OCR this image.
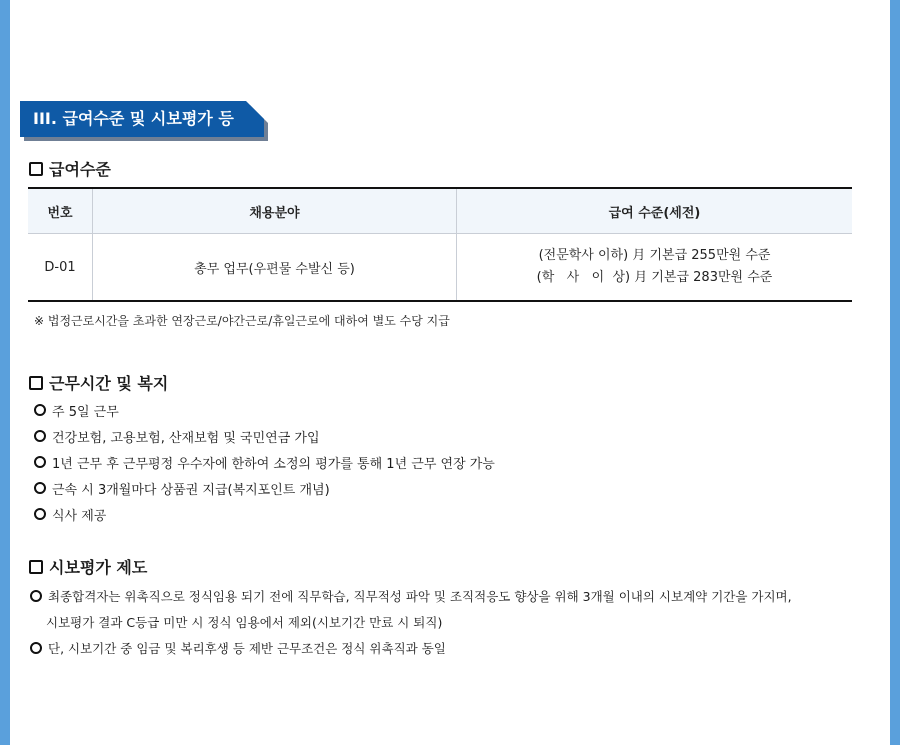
III. 급여수준 및 시보평가 등
급여수준
번호	채용분야	급여 수준(세전)
D-01	총무 업무(우편물 수발신 등)	(전문학사 이하) 月 기본급 255만원 수준
(학   사   이  상) 月 기본급 283만원 수준
※ 법정근로시간을 초과한 연장근로/야간근로/휴일근로에 대하여 별도 수당 지급
근무시간 및 복지
주 5일 근무
건강보험, 고용보험, 산재보험 및 국민연금 가입
1년 근무 후 근무평정 우수자에 한하여 소정의 평가를 통해 1년 근무 연장 가능
근속 시 3개월마다 상품권 지급(복지포인트 개념)
식사 제공
시보평가 제도
최종합격자는 위촉직으로 정식임용 되기 전에 직무학습, 직무적성 파악 및 조직적응도 향상을 위해 3개월 이내의 시보계약 기간을 가지며,
시보평가 결과 C등급 미만 시 정식 임용에서 제외(시보기간 만료 시 퇴직)
단, 시보기간 중 임금 및 복리후생 등 제반 근무조건은 정식 위촉직과 동일
